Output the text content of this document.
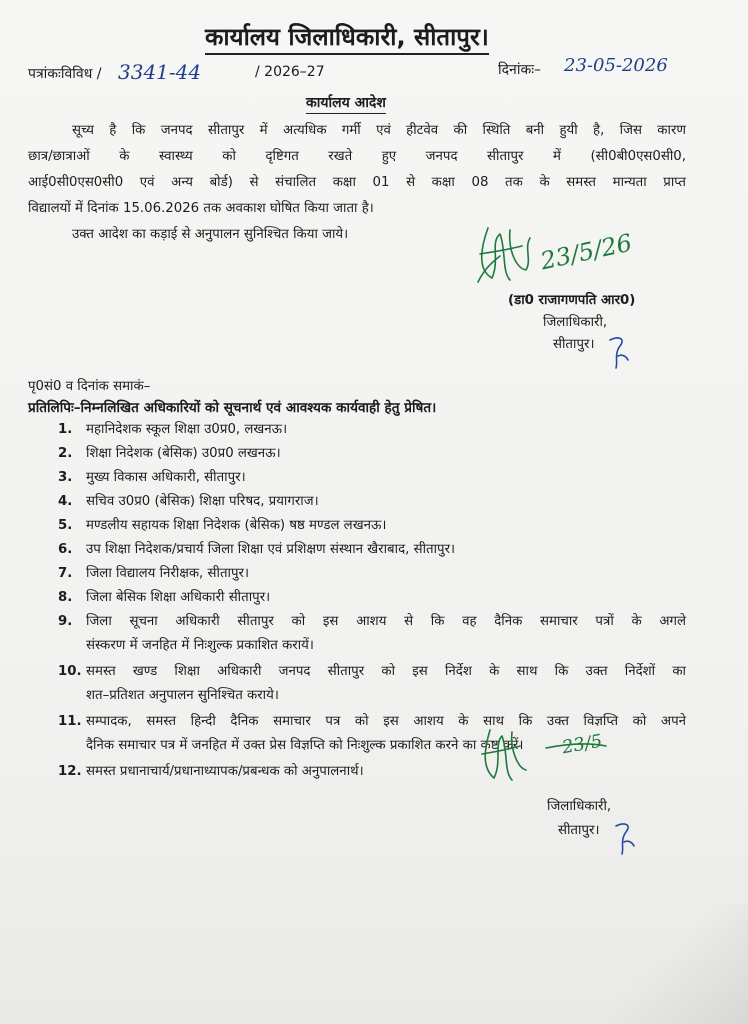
कार्यालय जिलाधिकारी, सीतापुर।
पत्रांकःविविध / 3341-44	/ 2026–27	दिनांकः– 23-05-2026
कार्यालय आदेश
सूच्य है कि जनपद सीतापुर में अत्यधिक गर्मी एवं हीटवेव की स्थिति बनी हुयी है, जिस कारण
छात्र/छात्राओं के स्वास्थ्य को दृष्टिगत रखते हुए जनपद सीतापुर में (सी0बी0एस0सी0,
आई0सी0एस0सी0 एवं अन्य बोर्ड) से संचालित कक्षा 01 से कक्षा 08 तक के समस्त मान्यता प्राप्त
विद्यालयों में दिनांक 15.06.2026 तक अवकाश घोषित किया जाता है।
उक्त आदेश का कड़ाई से अनुपालन सुनिश्चित किया जाये।	23/5/26
(डा0 राजागणपति आर0)
जिलाधिकारी,
सीतापुर।
पृ0सं0 व दिनांक समाकं–
प्रतिलिपिः–निम्नलिखित अधिकारियों को सूचनार्थ एवं आवश्यक कार्यवाही हेतु प्रेषित।
1. महानिदेशक स्कूल शिक्षा उ0प्र0, लखनऊ।
2. शिक्षा निदेशक (बेसिक) उ0प्र0 लखनऊ।
3. मुख्य विकास अधिकारी, सीतापुर।
4. सचिव उ0प्र0 (बेसिक) शिक्षा परिषद, प्रयागराज।
5. मण्डलीय सहायक शिक्षा निदेशक (बेसिक) षष्ठ मण्डल लखनऊ।
6. उप शिक्षा निदेशक/प्रचार्य जिला शिक्षा एवं प्रशिक्षण संस्थान खैराबाद, सीतापुर।
7. जिला विद्यालय निरीक्षक, सीतापुर।
8. जिला बेसिक शिक्षा अधिकारी सीतापुर।
9. जिला सूचना अधिकारी सीतापुर को इस आशय से कि वह दैनिक समाचार पत्रों के अगले
संस्करण में जनहित में निःशुल्क प्रकाशित करायें।
10. समस्त खण्ड शिक्षा अधिकारी जनपद सीतापुर को इस निर्देश के साथ कि उक्त निर्देशों का
शत–प्रतिशत अनुपालन सुनिश्चित कराये।
11. सम्पादक, समस्त हिन्दी दैनिक समाचार पत्र को इस आशय के साथ कि उक्त विज्ञप्ति को अपने
दैनिक समाचार पत्र में जनहित में उक्त प्रेस विज्ञप्ति को निःशुल्क प्रकाशित करने का कष्ट करें।
12. समस्त प्रधानाचार्य/प्रधानाध्यापक/प्रबन्धक को अनुपालनार्थ।
23/5
जिलाधिकारी,
सीतापुर।
